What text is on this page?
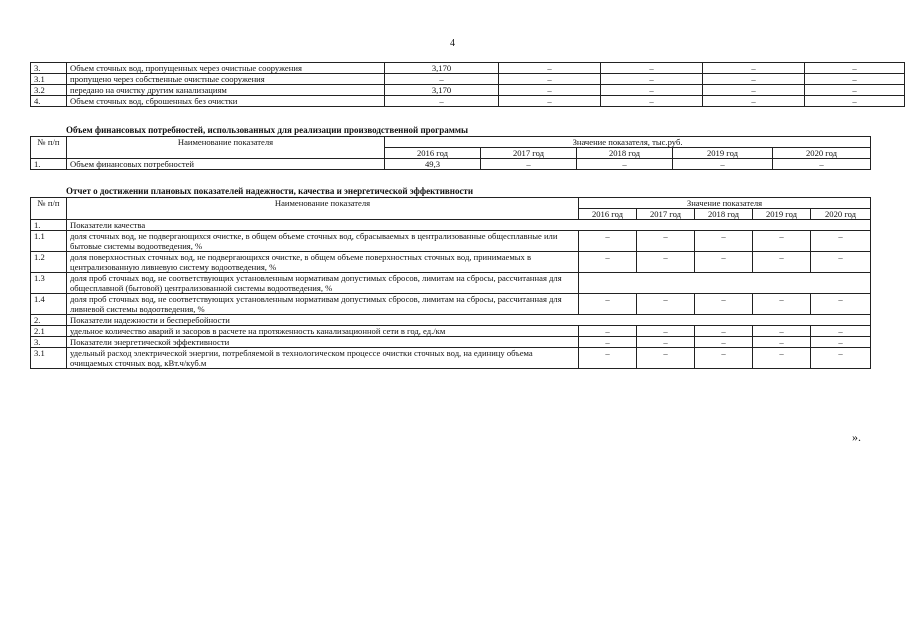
4
3.	Объем сточных вод, пропущенных через очистные сооружения	3,170	–	–	–	–
3.1	пропущено через собственные очистные сооружения	–	–	–	–	–
3.2	передано на очистку другим канализациям	3,170	–	–	–	–
4.	Объем сточных вод, сброшенных без очистки	–	–	–	–	–
Объем финансовых потребностей, использованных для реализации производственной программы
№ п/п	Наименование показателя	Значение показателя, тыс.руб.				
		2016 год	2017 год	2018 год	2019 год	2020 год
1.	Объем финансовых потребностей	49,3	–	–	–	–
Отчет о достижении плановых показателей надежности, качества и энергетической эффективности
№ п/п	Наименование показателя	Значение показателя				
		2016 год	2017 год	2018 год	2019 год	2020 год
1.	Показатели качества					
1.1	доля сточных вод, не подвергающихся очистке, в общем объеме сточных вод, сбрасываемых в централизованные общесплавные или бытовые системы водоотведения, %	–	–	–	–	–
1.2	доля поверхностных сточных вод, не подвергающихся очистке, в общем объеме поверхностных сточных вод, принимаемых в централизованную ливневую систему водоотведения, %	–	–	–	–	–
1.3	доля проб сточных вод, не соответствующих установленным нормативам допустимых сбросов, лимитам на сбросы, рассчитанная для общесплавной (бытовой) централизованной системы водоотведения, %					
1.4	доля проб сточных вод, не соответствующих установленным нормативам допустимых сбросов, лимитам на сбросы, рассчитанная для ливневой системы водоотведения, %	–	–	–	–	–
2.	Показатели надежности и бесперебойности					
2.1	удельное количество аварий и засоров в расчете на протяженность канализационной сети в год, ед./км	–	–	–	–	–
3.	Показатели энергетической эффективности	–	–	–	–	–
3.1	удельный расход электрической энергии, потребляемой в технологическом процессе очистки сточных вод, на единицу объема очищаемых сточных вод, кВт.ч/куб.м	–	–	–	–	–
».
